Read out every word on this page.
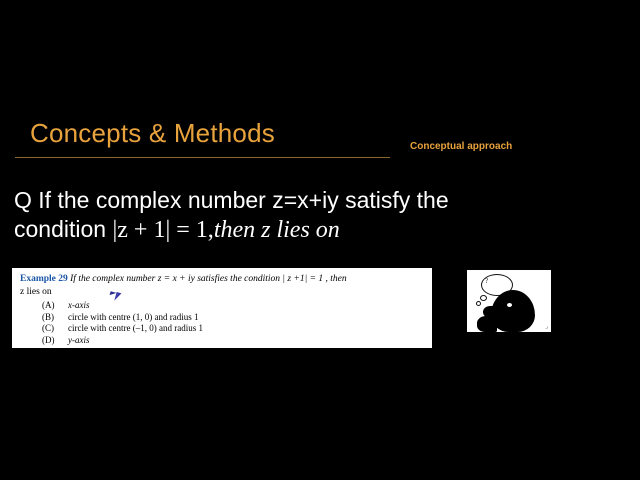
Concepts & Methods	Conceptual approach
Q If the complex number z=x+iy satisfy the
condition |z + 1| = 1,then z lies on
Example 29 If the complex number z = x + iy satisfies the condition | z +1| = 1 , then
z lies on
(A) x-axis
(B) circle with centre (1, 0) and radius 1
(C) circle with centre (–1, 0) and radius 1
(D) y-axis
?
⌟
